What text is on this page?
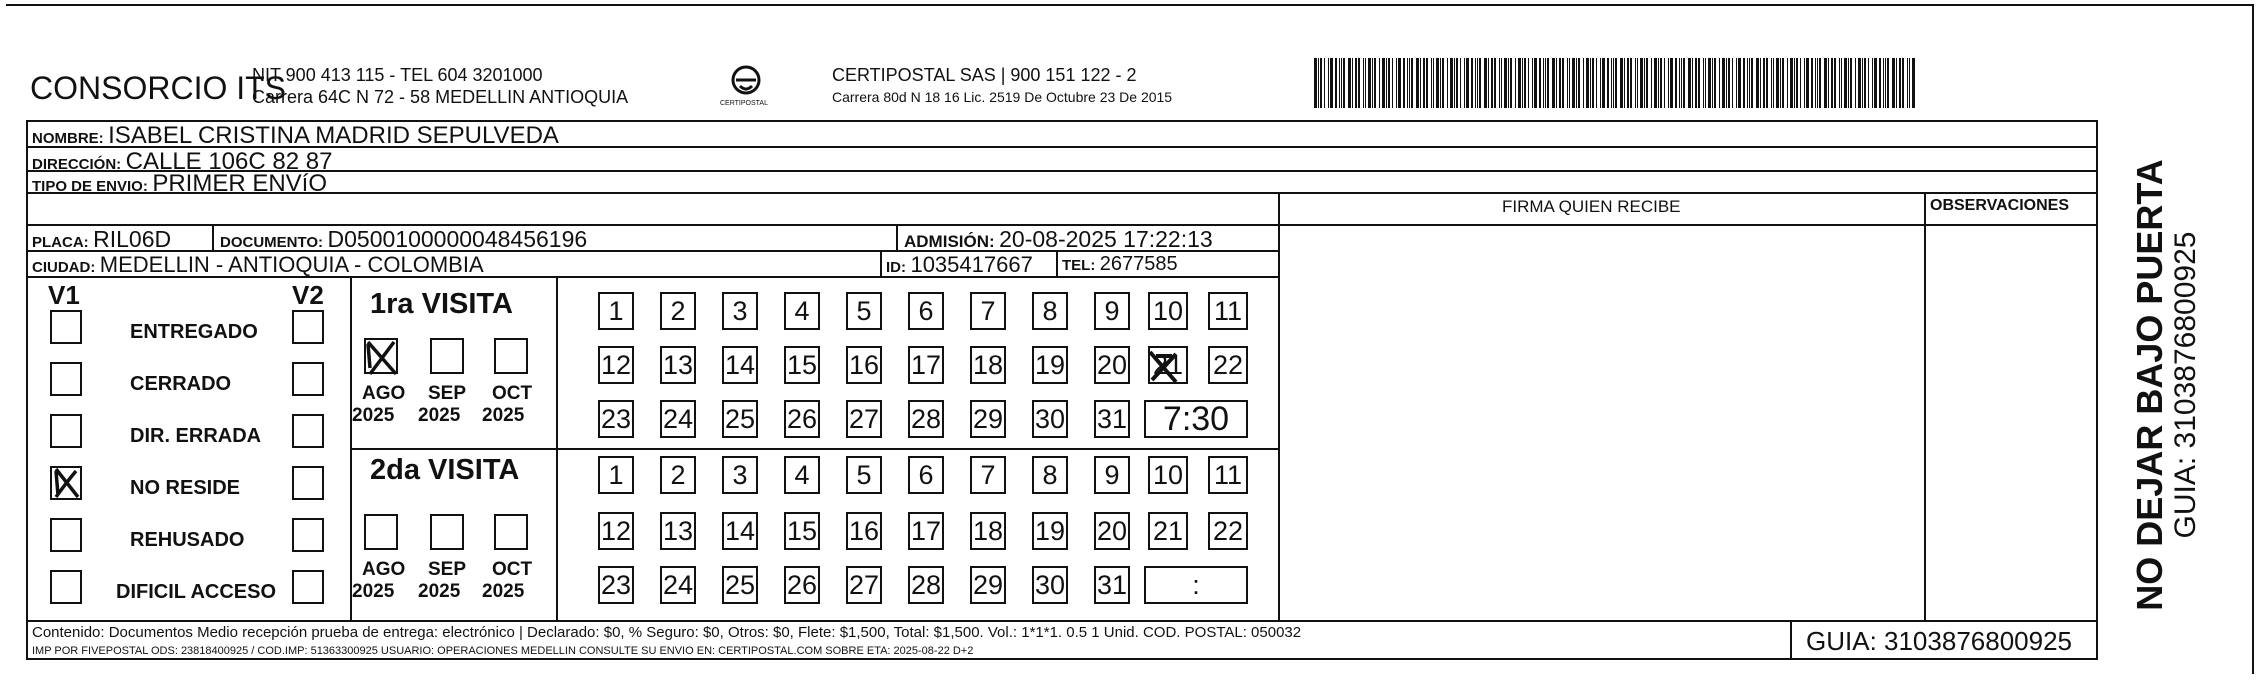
CONSORCIO ITS
NIT 900 413 115 - TEL 604 3201000
Carrera 64C N 72 - 58 MEDELLIN ANTIOQUIA	CERTIPOSTAL
CERTIPOSTAL SAS | 900 151 122 - 2
Carrera 80d N 18 16 Lic. 2519 De Octubre 23 De 2015
NOMBRE: ISABEL CRISTINA MADRID SEPULVEDA
DIRECCIÓN: CALLE 106C 82 87
TIPO DE ENVIO: PRIMER ENVíO
FIRMA QUIEN RECIBE	OBSERVACIONES
PLACA: RIL06D	DOCUMENTO: D0500100000048456196	ADMISIÓN: 20-08-2025 17:22:13
CIUDAD: MEDELLIN - ANTIOQUIA - COLOMBIA	ID: 1035417667 TEL: 2677585
V1	V2
ENTREGADO
CERRADO
DIR. ERRADA
NO RESIDE
REHUSADO
DIFICIL ACCESO
1ra VISITA
2da VISITA
AGO
2025
SEP
2025
OCT
2025
AGO
2025
SEP
2025
OCT
2025
1	2	3	4	5	6	7	8	9	10 11
12 13 14 15 16 17 18 19 20 21 22
23 24 25 26 27 28 29 30 31	7:30
1	2	3	4	5	6	7	8	9	10 11
12 13 14 15 16 17 18 19 20 21 22
23 24 25 26 27 28 29 30 31	:
Contenido: Documentos Medio recepción prueba de entrega: electrónico | Declarado: $0, % Seguro: $0, Otros: $0, Flete: $1,500, Total: $1,500. Vol.: 1*1*1. 0.5 1 Unid. COD. POSTAL: 050032
IMP POR FIVEPOSTAL ODS: 23818400925 / COD.IMP: 51363300925 USUARIO: OPERACIONES MEDELLIN CONSULTE SU ENVIO EN: CERTIPOSTAL.COM SOBRE ETA: 2025-08-22 D+2	GUIA: 3103876800925
NO DEJAR BAJO PUERTA GUIA: 3103876800925
